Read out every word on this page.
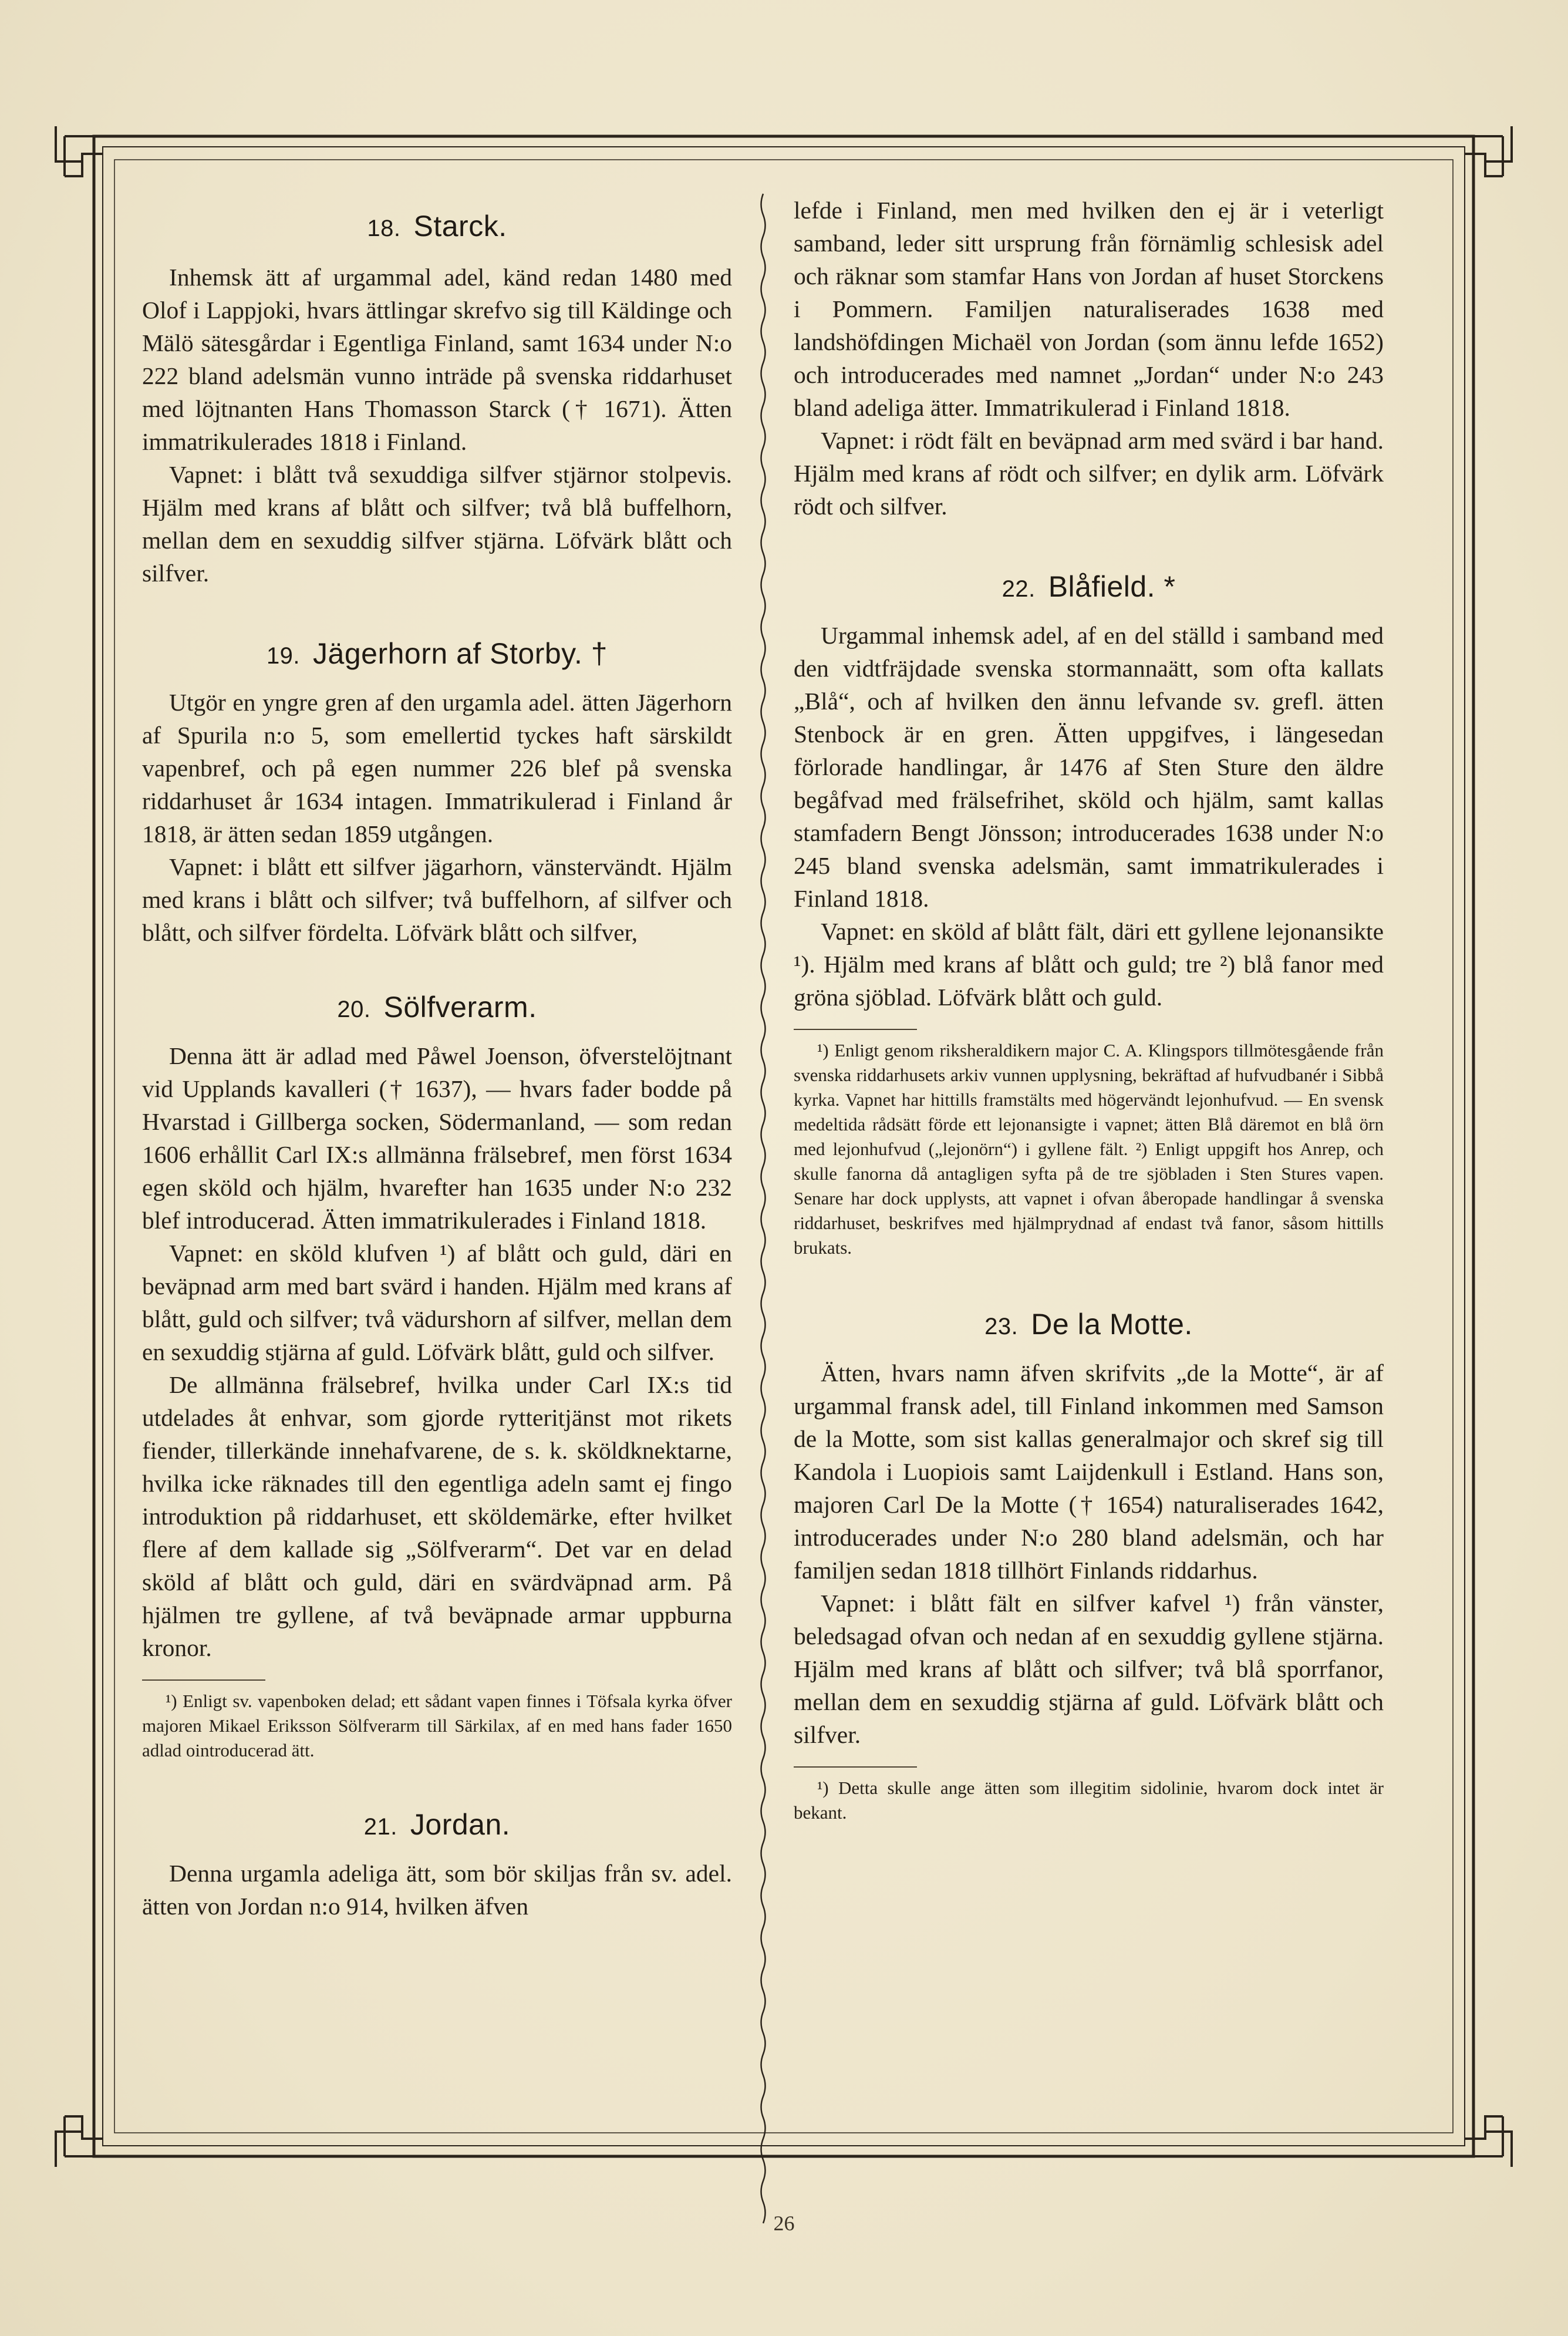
18. Starck.

Inhemsk ätt af urgammal adel, känd redan 1480 med Olof i Lappjoki, hvars ättlingar skrefvo sig till Käldinge och Mälö sätesgårdar i Egentliga Finland, samt 1634 under N:o 222 bland adelsmän vunno inträde på svenska riddarhuset med löjtnanten Hans Thomasson Starck († 1671). Ätten immatrikulerades 1818 i Finland.

Vapnet: i blått två sexuddiga silfver stjärnor stolpevis. Hjälm med krans af blått och silfver; två blå buffelhorn, mellan dem en sexuddig silfver stjärna. Löfvärk blått och silfver.

19. Jägerhorn af Storby. †

Utgör en yngre gren af den urgamla adel. ätten Jägerhorn af Spurila n:o 5, som emellertid tyckes haft särskildt vapenbref, och på egen nummer 226 blef på svenska riddarhuset år 1634 intagen. Immatrikulerad i Finland år 1818, är ätten sedan 1859 utgången.

Vapnet: i blått ett silfver jägarhorn, vänstervändt. Hjälm med krans i blått och silfver; två buffelhorn, af silfver och blått, och silfver fördelta. Löfvärk blått och silfver,

20. Sölfverarm.

Denna ätt är adlad med Påwel Joenson, öfverstelöjtnant vid Upplands kavalleri († 1637), — hvars fader bodde på Hvarstad i Gillberga socken, Södermanland, — som redan 1606 erhållit Carl IX:s allmänna frälsebref, men först 1634 egen sköld och hjälm, hvarefter han 1635 under N:o 232 blef introducerad. Ätten immatrikulerades i Finland 1818.

Vapnet: en sköld klufven ¹) af blått och guld, däri en beväpnad arm med bart svärd i handen. Hjälm med krans af blått, guld och silfver; två vädurshorn af silfver, mellan dem en sexuddig stjärna af guld. Löfvärk blått, guld och silfver.

De allmänna frälsebref, hvilka under Carl IX:s tid utdelades åt enhvar, som gjorde rytteritjänst mot rikets fiender, tillerkände innehafvarene, de s. k. sköldknektarne, hvilka icke räknades till den egentliga adeln samt ej fingo introduktion på riddarhuset, ett sköldemärke, efter hvilket flere af dem kallade sig „Sölfverarm“. Det var en delad sköld af blått och guld, däri en svärdväpnad arm. På hjälmen tre gyllene, af två beväpnade armar uppburna kronor.

¹) Enligt sv. vapenboken delad; ett sådant vapen finnes i Töfsala kyrka öfver majoren Mikael Eriksson Sölfverarm till Särkilax, af en med hans fader 1650 adlad ointroducerad ätt.

21. Jordan.

Denna urgamla adeliga ätt, som bör skiljas från sv. adel. ätten von Jordan n:o 914, hvilken äfven

lefde i Finland, men med hvilken den ej är i veterligt samband, leder sitt ursprung från förnämlig schlesisk adel och räknar som stamfar Hans von Jordan af huset Storckens i Pommern. Familjen naturaliserades 1638 med landshöfdingen Michaël von Jordan (som ännu lefde 1652) och introducerades med namnet „Jordan“ under N:o 243 bland adeliga ätter. Immatrikulerad i Finland 1818.

Vapnet: i rödt fält en beväpnad arm med svärd i bar hand. Hjälm med krans af rödt och silfver; en dylik arm. Löfvärk rödt och silfver.

22. Blåfield. *

Urgammal inhemsk adel, af en del ställd i samband med den vidtfräjdade svenska stormannaätt, som ofta kallats „Blå“, och af hvilken den ännu lefvande sv. grefl. ätten Stenbock är en gren. Ätten uppgifves, i längesedan förlorade handlingar, år 1476 af Sten Sture den äldre begåfvad med frälsefrihet, sköld och hjälm, samt kallas stamfadern Bengt Jönsson; introducerades 1638 under N:o 245 bland svenska adelsmän, samt immatrikulerades i Finland 1818.

Vapnet: en sköld af blått fält, däri ett gyllene lejonansikte ¹). Hjälm med krans af blått och guld; tre ²) blå fanor med gröna sjöblad. Löfvärk blått och guld.

¹) Enligt genom riksheraldikern major C. A. Klingspors tillmötesgående från svenska riddarhusets arkiv vunnen upplysning, bekräftad af hufvudbanér i Sibbå kyrka. Vapnet har hittills framstälts med högervändt lejonhufvud. — En svensk medeltida rådsätt förde ett lejonansigte i vapnet; ätten Blå däremot en blå örn med lejonhufvud („lejonörn“) i gyllene fält. ²) Enligt uppgift hos Anrep, och skulle fanorna då antagligen syfta på de tre sjöbladen i Sten Stures vapen. Senare har dock upplysts, att vapnet i ofvan åberopade handlingar å svenska riddarhuset, beskrifves med hjälmprydnad af endast två fanor, såsom hittills brukats.

23. De la Motte.

Ätten, hvars namn äfven skrifvits „de la Motte“, är af urgammal fransk adel, till Finland inkommen med Samson de la Motte, som sist kallas generalmajor och skref sig till Kandola i Luopiois samt Laijdenkull i Estland. Hans son, majoren Carl De la Motte († 1654) naturaliserades 1642, introducerades under N:o 280 bland adelsmän, och har familjen sedan 1818 tillhört Finlands riddarhus.

Vapnet: i blått fält en silfver kafvel ¹) från vänster, beledsagad ofvan och nedan af en sexuddig gyllene stjärna. Hjälm med krans af blått och silfver; två blå sporrfanor, mellan dem en sexuddig stjärna af guld. Löfvärk blått och silfver.

¹) Detta skulle ange ätten som illegitim sidolinie, hvarom dock intet är bekant.

26
